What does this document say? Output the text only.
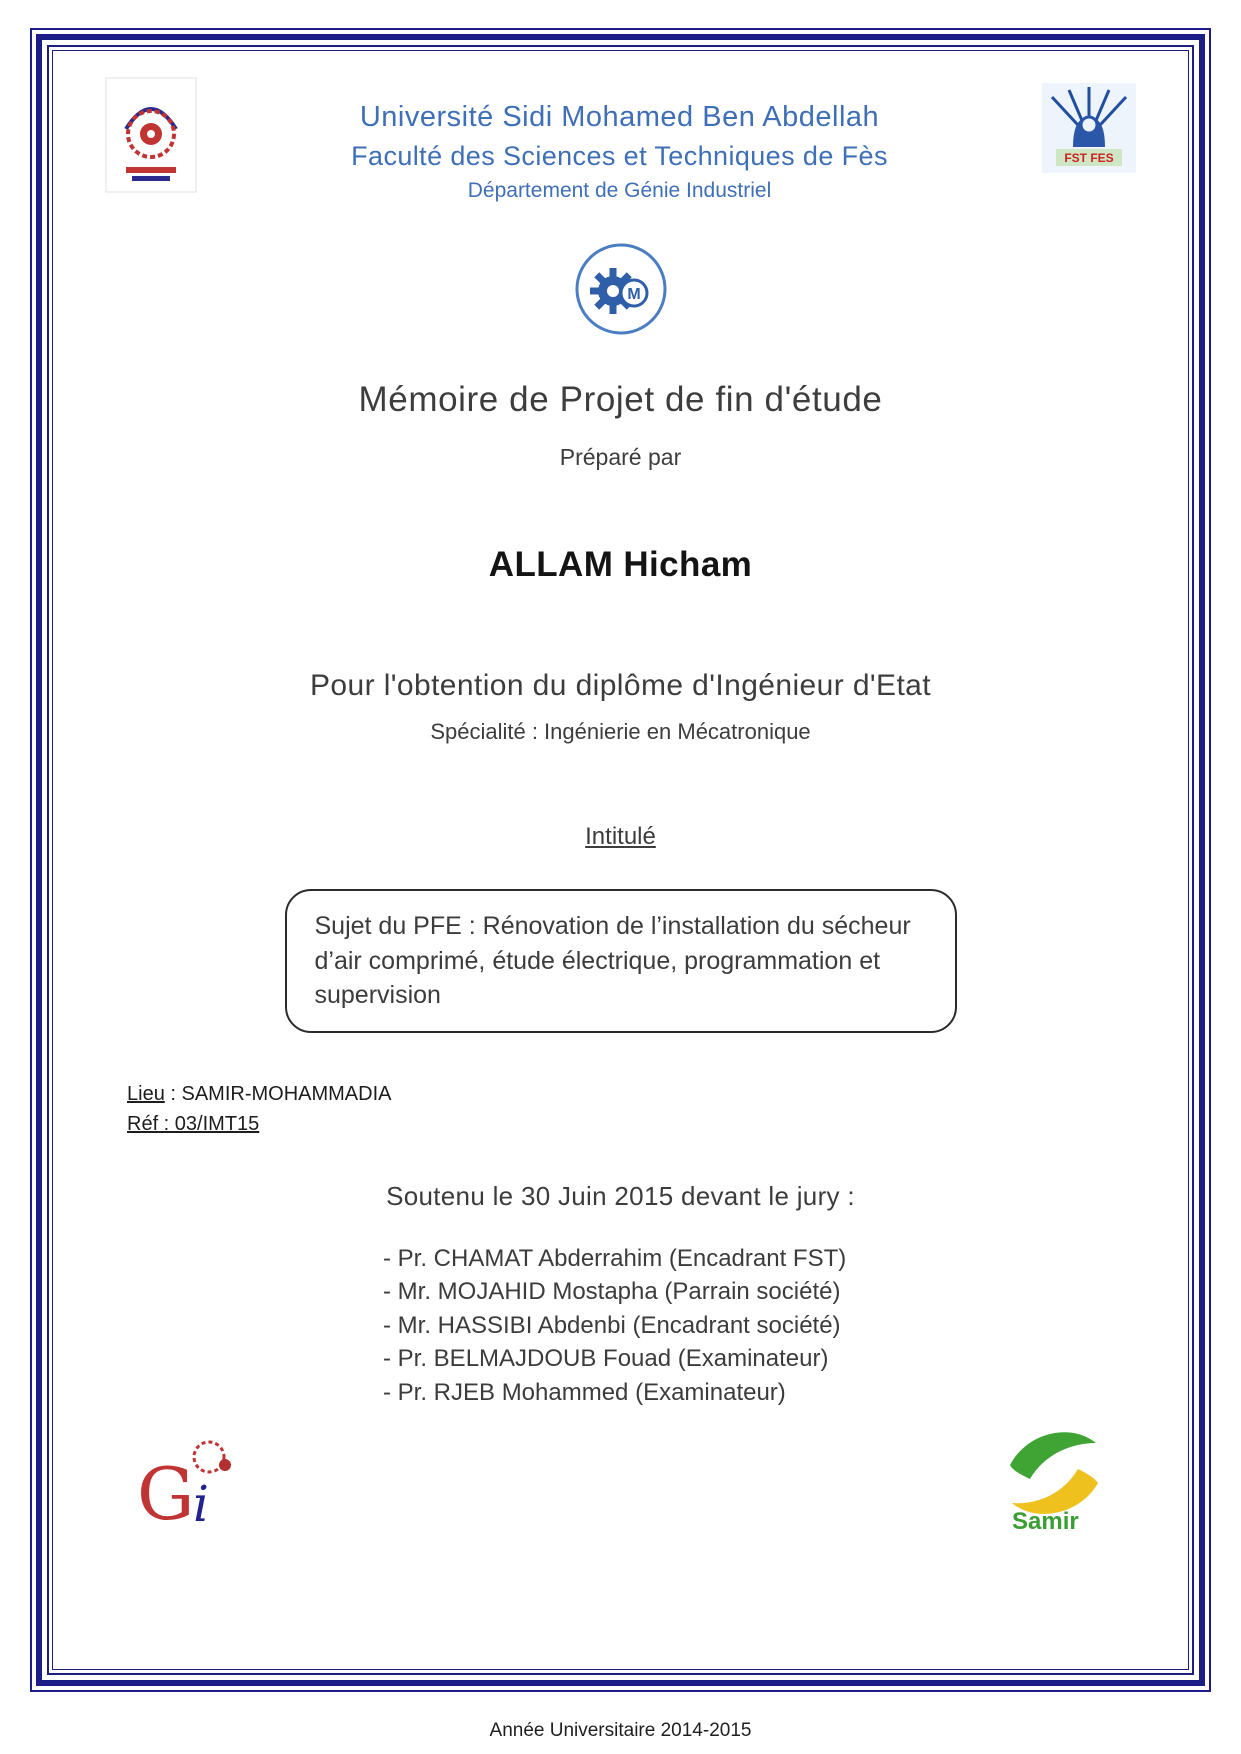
Université Sidi Mohamed Ben Abdellah
Faculté des Sciences et Techniques de Fès
Département de Génie Industriel
FST FES
M
Mémoire de Projet de fin d'étude
Préparé par
ALLAM Hicham
Pour l'obtention du diplôme d'Ingénieur d'Etat
Spécialité : Ingénierie en Mécatronique
Intitulé
Sujet du PFE : Rénovation de l’installation du sécheur d’air comprimé, étude électrique, programmation et supervision
Lieu : SAMIR-MOHAMMADIA
Réf : 03/IMT15
Soutenu le 30 Juin 2015 devant le jury :
- Pr. CHAMAT Abderrahim (Encadrant FST)
- Mr. MOJAHID Mostapha (Parrain société)
- Mr. HASSIBI Abdenbi (Encadrant société)
- Pr. BELMAJDOUB Fouad (Examinateur)
- Pr. RJEB Mohammed (Examinateur)
G
i	Samir
Année Universitaire 2014-2015
